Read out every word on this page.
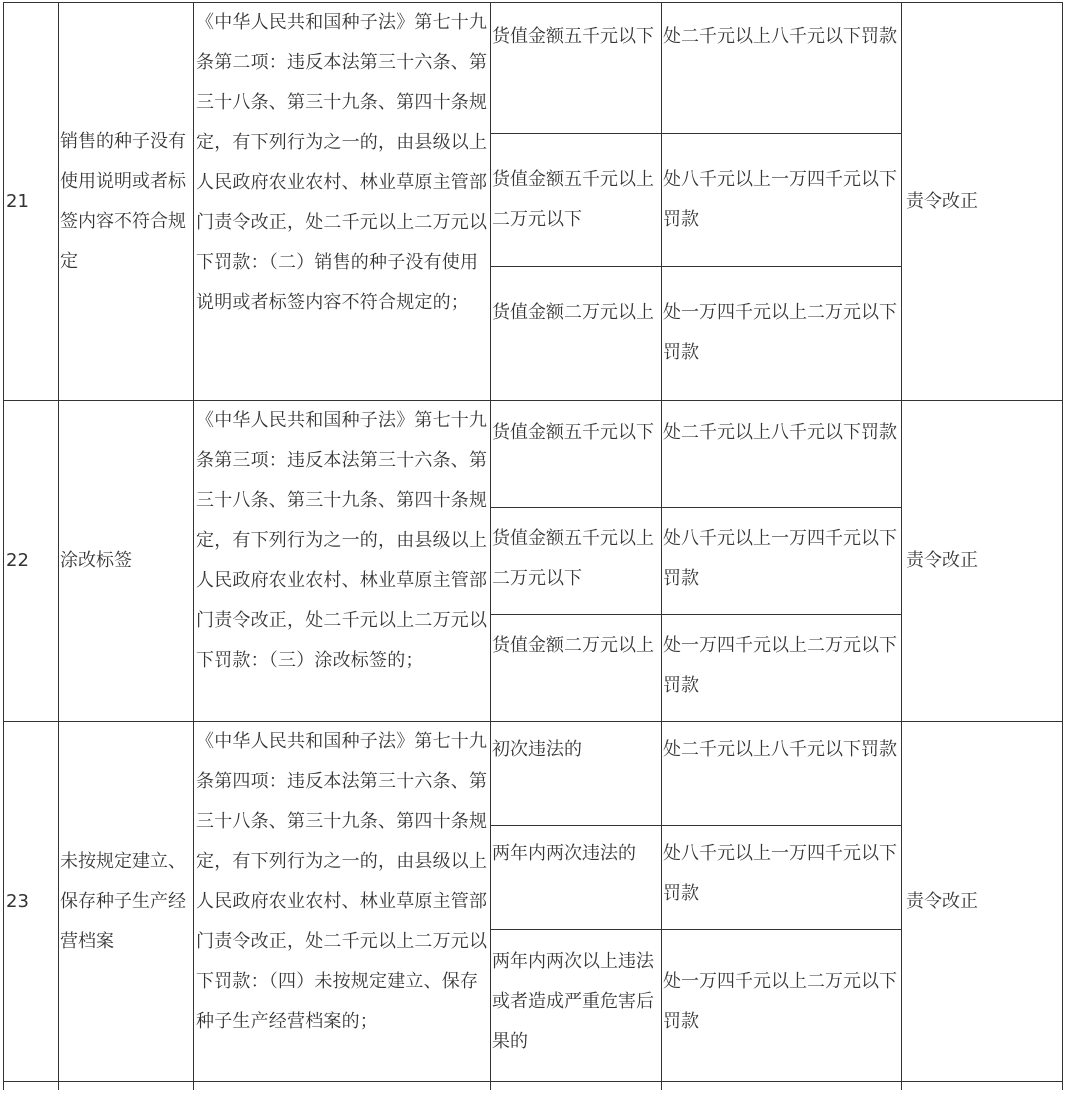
21	销售的种子没有使用说明或者标签内容不符合规定	《中华人民共和国种子法》第七十九条第二项：违反本法第三十六条、第三十八条、第三十九条、第四十条规定，有下列行为之一的，由县级以上人民政府农业农村、林业草原主管部门责令改正，处二千元以上二万元以下罚款：（二）销售的种子没有使用说明或者标签内容不符合规定的；	货值金额五千元以下	处二千元以上八千元以下罚款	责令改正
			货值金额五千元以上二万元以下	处八千元以上一万四千元以下罚款	
			货值金额二万元以上	处一万四千元以上二万元以下罚款	
22	涂改标签	《中华人民共和国种子法》第七十九条第三项：违反本法第三十六条、第三十八条、第三十九条、第四十条规定，有下列行为之一的，由县级以上人民政府农业农村、林业草原主管部门责令改正，处二千元以上二万元以下罚款：（三）涂改标签的；	货值金额五千元以下	处二千元以上八千元以下罚款	责令改正
			货值金额五千元以上二万元以下	处八千元以上一万四千元以下罚款	
			货值金额二万元以上	处一万四千元以上二万元以下罚款	
23	未按规定建立、保存种子生产经营档案	《中华人民共和国种子法》第七十九条第四项：违反本法第三十六条、第三十八条、第三十九条、第四十条规定，有下列行为之一的，由县级以上人民政府农业农村、林业草原主管部门责令改正，处二千元以上二万元以下罚款：（四）未按规定建立、保存种子生产经营档案的；	初次违法的	处二千元以上八千元以下罚款	责令改正
			两年内两次违法的	处八千元以上一万四千元以下罚款	
			两年内两次以上违法或者造成严重危害后果的	处一万四千元以上二万元以下罚款	
